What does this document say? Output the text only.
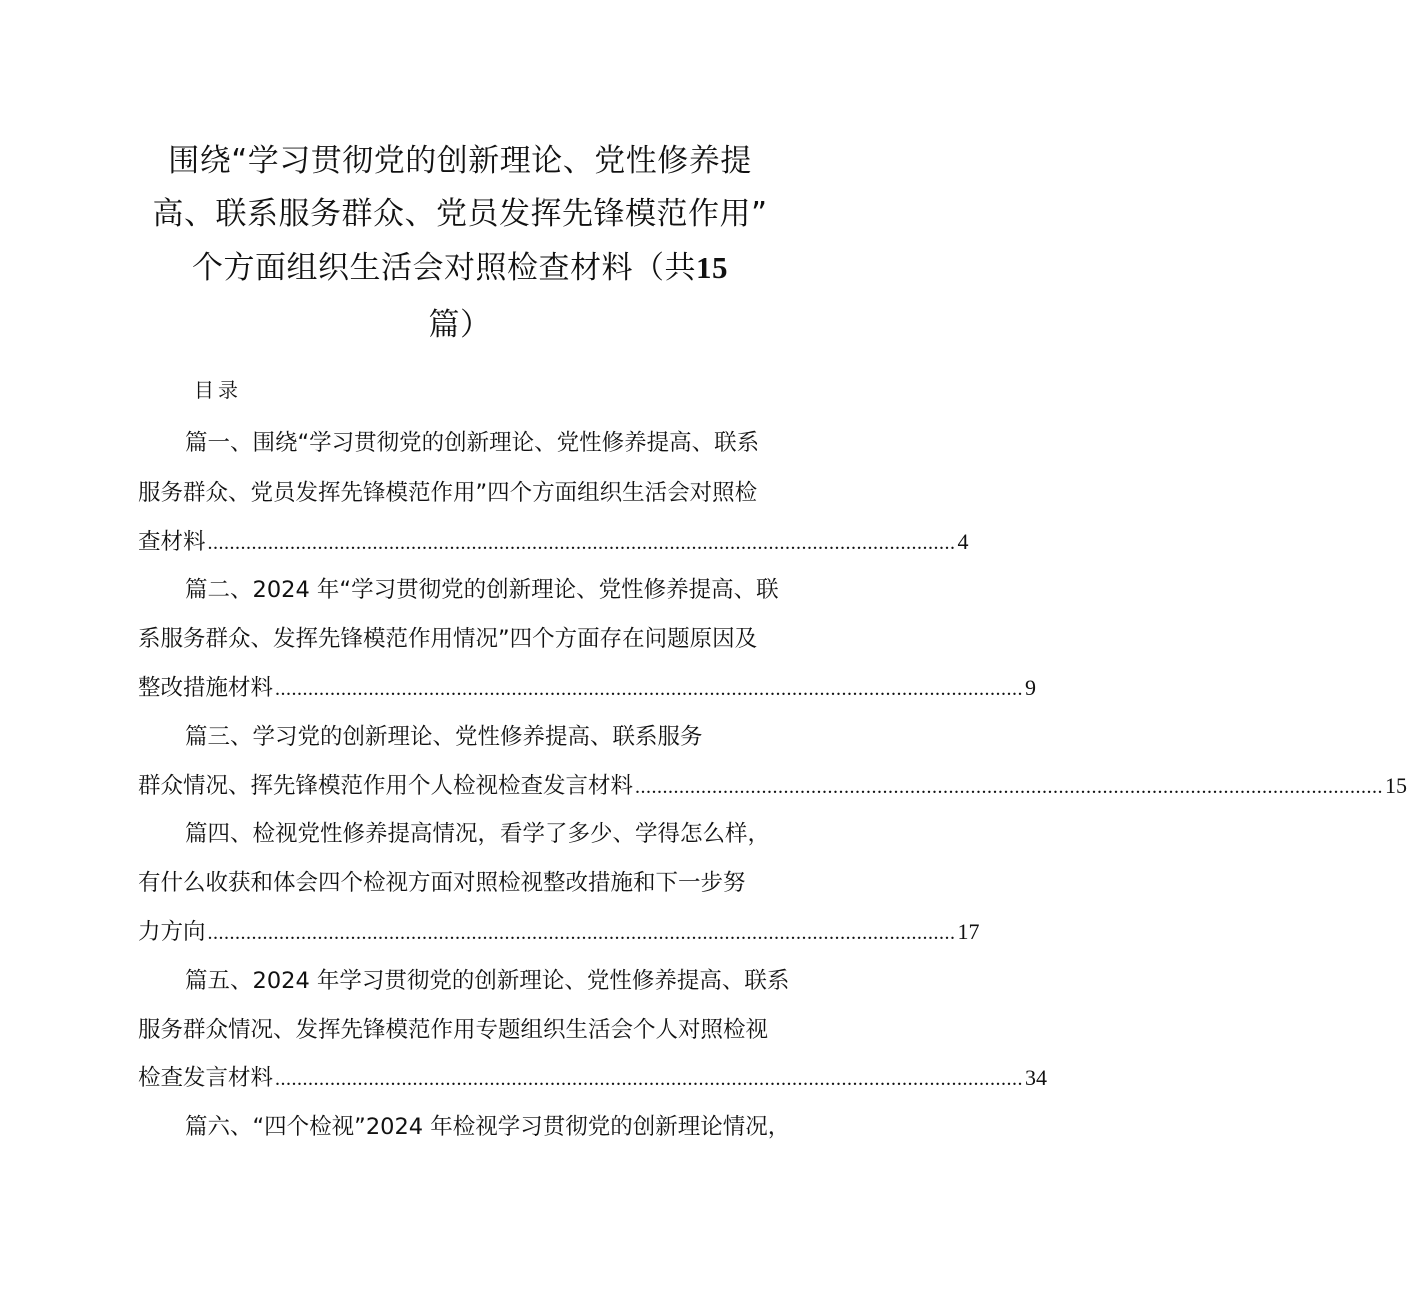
围绕“学习贯彻党的创新理论、党性修养提
高、联系服务群众、党员发挥先锋模范作用”
个方面组织生活会对照检查材料（共15
篇）
目录
篇一、围绕“学习贯彻党的创新理论、党性修养提高、联系
服务群众、党员发挥先锋模范作用”四个方面组织生活会对照检
查材料 ........................................................................................................................................ 4
篇二、2024 年“学习贯彻党的创新理论、党性修养提高、联
系服务群众、发挥先锋模范作用情况”四个方面存在问题原因及
整改措施材料 ........................................................................................................................................ 9
篇三、学习党的创新理论、党性修养提高、联系服务
群众情况、挥先锋模范作用个人检视检查发言材料 ........................................................................................................................................ 15
篇四、检视党性修养提高情况，看学了多少、学得怎么样，
有什么收获和体会四个检视方面对照检视整改措施和下一步努
力方向 ........................................................................................................................................ 17
篇五、2024 年学习贯彻党的创新理论、党性修养提高、联系
服务群众情况、发挥先锋模范作用专题组织生活会个人对照检视
检查发言材料 ........................................................................................................................................ 34
篇六、“四个检视”2024 年检视学习贯彻党的创新理论情况，
